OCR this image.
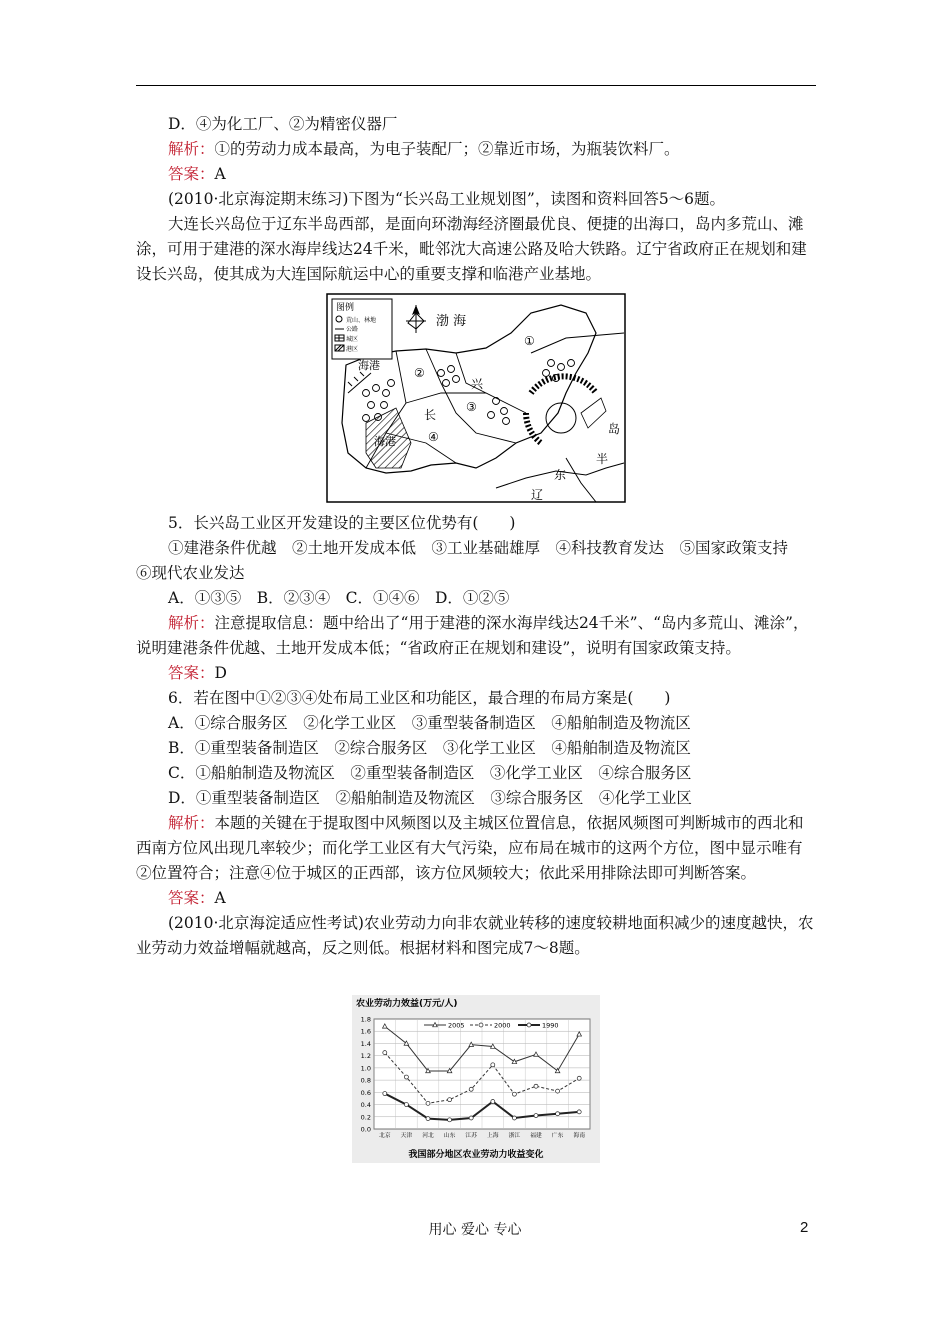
D．④为化工厂、②为精密仪器厂

解析：①的劳动力成本最高，为电子装配厂；②靠近市场，为瓶装饮料厂。

答案：A

(2010·北京海淀期末练习)下图为“长兴岛工业规划图”，读图和资料回答5～6题。

大连长兴岛位于辽东半岛西部，是面向环渤海经济圈最优良、便捷的出海口，岛内多荒山、滩涂，可用于建港的深水海岸线达24千米，毗邻沈大高速公路及哈大铁路。辽宁省政府正在规划和建设长兴岛，使其成为大连国际航运中心的重要支撑和临港产业基地。

图例
荒山、林地
公路
城区
港区
渤 海
海港
海港
长
兴
岛
半
东
辽
①
②
③
④

5．长兴岛工业区开发建设的主要区位优势有(　　)

①建港条件优越　②土地开发成本低　③工业基础雄厚　④科技教育发达　⑤国家政策支持　⑥现代农业发达

A．①③⑤　B．②③④　C．①④⑥　D．①②⑤

解析：注意提取信息：题中给出了“用于建港的深水海岸线达24千米”、“岛内多荒山、滩涂”，说明建港条件优越、土地开发成本低；“省政府正在规划和建设”，说明有国家政策支持。

答案：D

6．若在图中①②③④处布局工业区和功能区，最合理的布局方案是(　　)

A．①综合服务区　②化学工业区　③重型装备制造区　④船舶制造及物流区

B．①重型装备制造区　②综合服务区　③化学工业区　④船舶制造及物流区

C．①船舶制造及物流区　②重型装备制造区　③化学工业区　④综合服务区

D．①重型装备制造区　②船舶制造及物流区　③综合服务区　④化学工业区

解析：本题的关键在于提取图中风频图以及主城区位置信息，依据风频图可判断城市的西北和西南方位风出现几率较少；而化学工业区有大气污染，应布局在城市的这两个方位，图中显示唯有②位置符合；注意④位于城区的正西部，该方位风频较大；依此采用排除法即可判断答案。

答案：A

(2010·北京海淀适应性考试)农业劳动力向非农就业转移的速度较耕地面积减少的速度越快，农业劳动力效益增幅就越高，反之则低。根据材料和图完成7～8题。

农业劳动力效益(万元/人)
我国部分地区农业劳动力收益变化
0.0
0.2
0.4
0.6
0.8
1.0
1.2
1.4
1.6
1.8
北京 天津 河北 山东 江苏 上海 浙江 福建 广东 海南
2005	2000	1990
用心 爱心 专心	2
